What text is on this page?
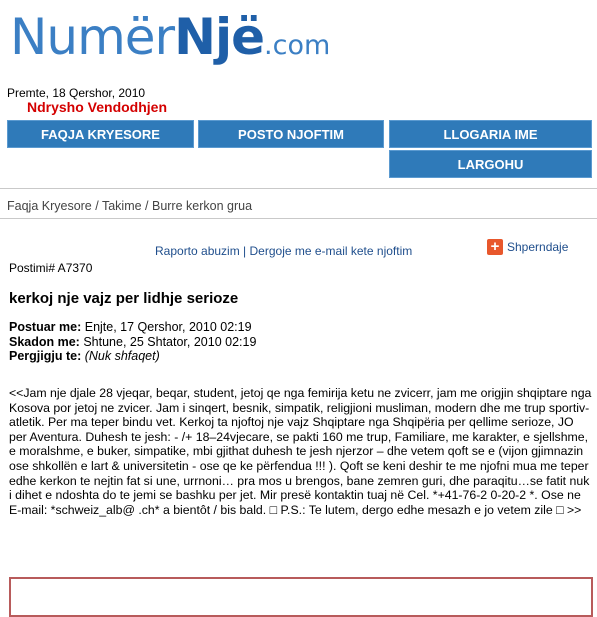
NumërNjë.com
Premte, 18 Qershor, 2010
Ndrysho Vendodhjen
FAQJA KRYESORE	POSTO NJOFTIM	LLOGARIA IME
LARGOHU
Faqja Kryesore / Takime / Burre kerkon grua
Raporto abuzim | Dergoje me e-mail kete njoftim	+ Shperndaje
Postimi# A7370
kerkoj nje vajz per lidhje serioze
Postuar me: Enjte, 17 Qershor, 2010 02:19
Skadon me: Shtune, 25 Shtator, 2010 02:19
Pergjigju te: (Nuk shfaqet)
<<Jam nje djale 28 vjeqar, beqar, student, jetoj qe nga femirija ketu ne zvicerr, jam me origjin shqiptare nga Kosova por jetoj ne zvicer. Jam i sinqert, besnik, simpatik, religjioni musliman, modern dhe me trup sportiv-atletik. Per ma teper bindu vet. Kerkoj ta njoftoj nje vajz Shqiptare nga Shqipëria per qellime serioze, JO per Aventura. Duhesh te jesh: - /+ 18–24vjecare, se pakti 160 me trup, Familiare, me karakter, e sjellshme, e moralshme, e buker, simpatike, mbi gjithat duhesh te jesh njerzor – dhe vetem qoft se e (vijon gjimnazin ose shkollën e lart & universitetin - ose qe ke përfendua !!! ). Qoft se keni deshir te me njofni mua me teper edhe kerkon te nejtin fat si une, urrnoni… pra mos u brengos, bane zemren guri, dhe paraqitu…se fatit nuk i dihet e ndoshta do te jemi se bashku per jet. Mir presë kontaktin tuaj në Cel. *+41-76-2 0-20-2 *. Ose ne E-mail: *schweiz_alb@ .ch* a bientôt / bis bald. □ P.S.: Te lutem, dergo edhe mesazh e jo vetem zile □ >>
